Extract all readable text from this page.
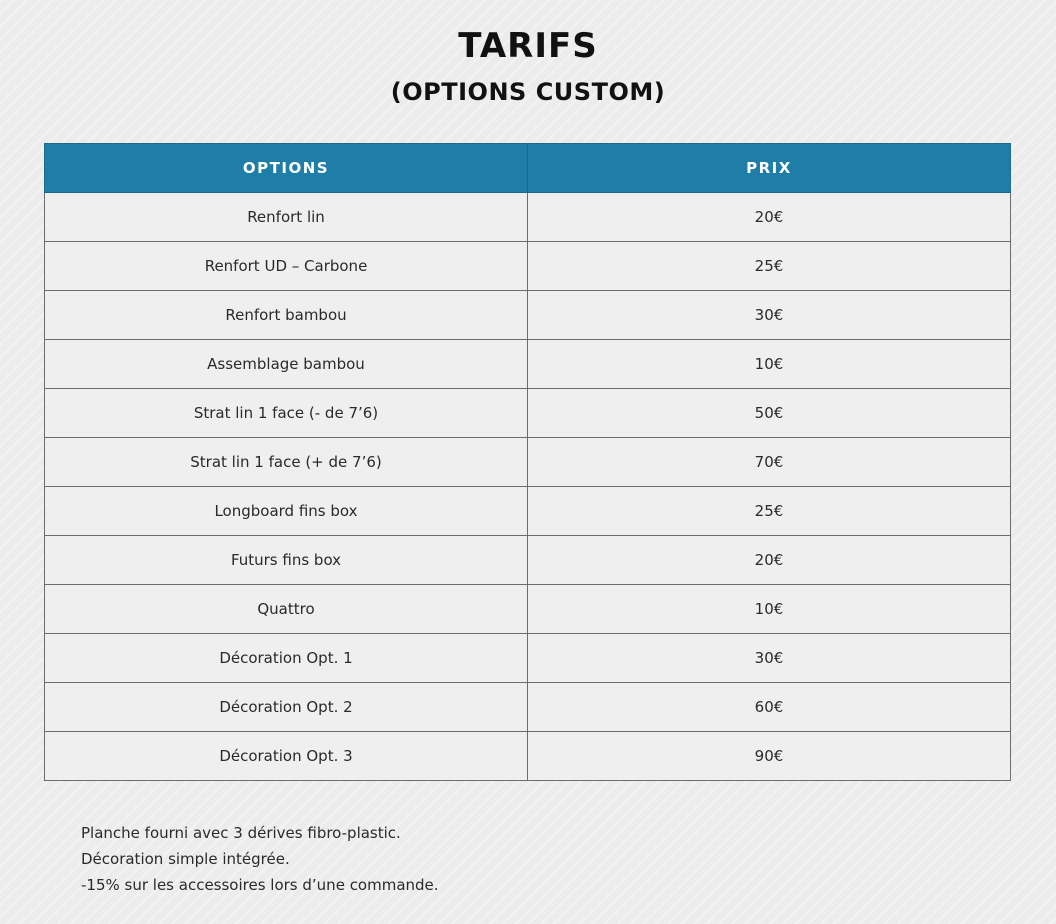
TARIFS
(OPTIONS CUSTOM)
OPTIONS	PRIX
Renfort lin	20€
Renfort UD – Carbone	25€
Renfort bambou	30€
Assemblage bambou	10€
Strat lin 1 face (- de 7’6)	50€
Strat lin 1 face (+ de 7’6)	70€
Longboard fins box	25€
Futurs fins box	20€
Quattro	10€
Décoration Opt. 1	30€
Décoration Opt. 2	60€
Décoration Opt. 3	90€
Planche fourni avec 3 dérives fibro-plastic.
Décoration simple intégrée.
-15% sur les accessoires lors d’une commande.
